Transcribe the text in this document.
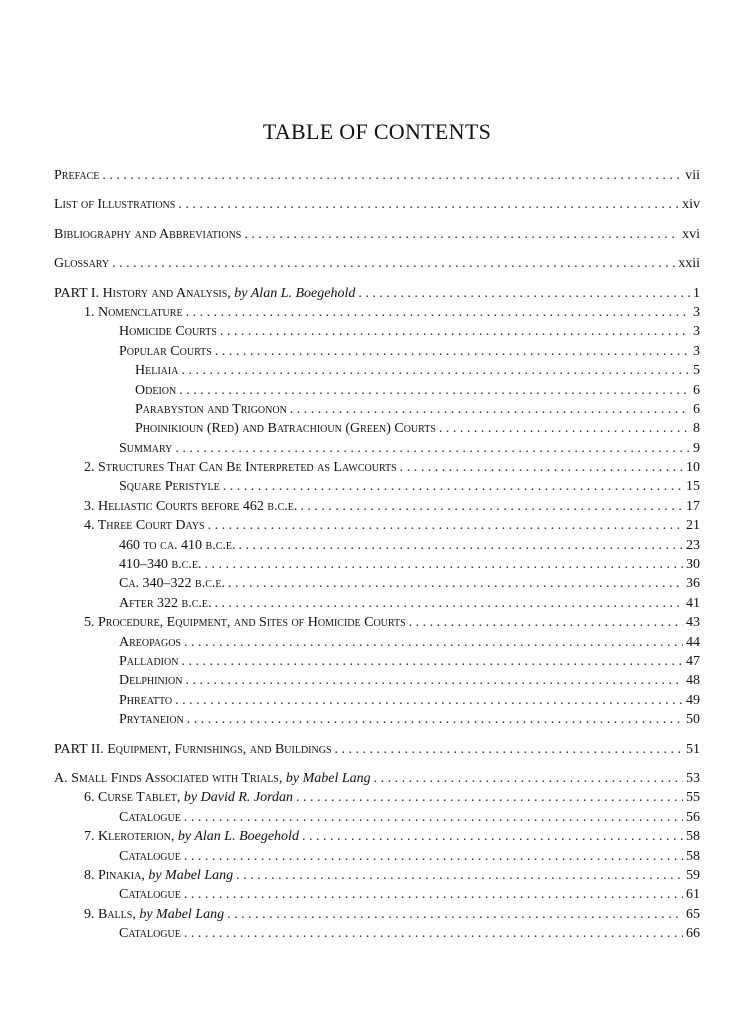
TABLE OF CONTENTS
Preface . . .	vii
List of Illustrations . . .	xiv
Bibliography and Abbreviations . . .	xvi
Glossary . . .	xxii
PART I. History and Analysis, by Alan L. Boegehold . . .	1
1. Nomenclature . . .	3
Homicide Courts . . .	3
Popular Courts . . .	3
Heliaia . . .	5
Odeion . . .	6
Parabyston and Trigonon . . .	6
Phoinikioun (Red) and Batrachioun (Green) Courts . . .	8
Summary . . .	9
2. Structures That Can Be Interpreted as Lawcourts . . .	10
Square Peristyle . . .	15
3. Heliastic Courts before 462 b.c.e. . . .	17
4. Three Court Days . . .	21
460 to ca. 410 b.c.e. . . .	23
410–340 b.c.e. . . .	30
Ca. 340–322 b.c.e. . . .	36
After 322 b.c.e. . . .	41
5. Procedure, Equipment, and Sites of Homicide Courts . . .	43
Areopagos . . .	44
Palladion . . .	47
Delphinion . . .	48
Phreatto . . .	49
Prytaneion . . .	50
PART II. Equipment, Furnishings, and Buildings . . .	51
A. Small Finds Associated with Trials, by Mabel Lang . . .	53
6. Curse Tablet, by David R. Jordan . . .	55
Catalogue . . .	56
7. Kleroterion, by Alan L. Boegehold . . .	58
Catalogue . . .	58
8. Pinakia, by Mabel Lang . . .	59
Catalogue . . .	61
9. Balls, by Mabel Lang . . .	65
Catalogue . . .	66
